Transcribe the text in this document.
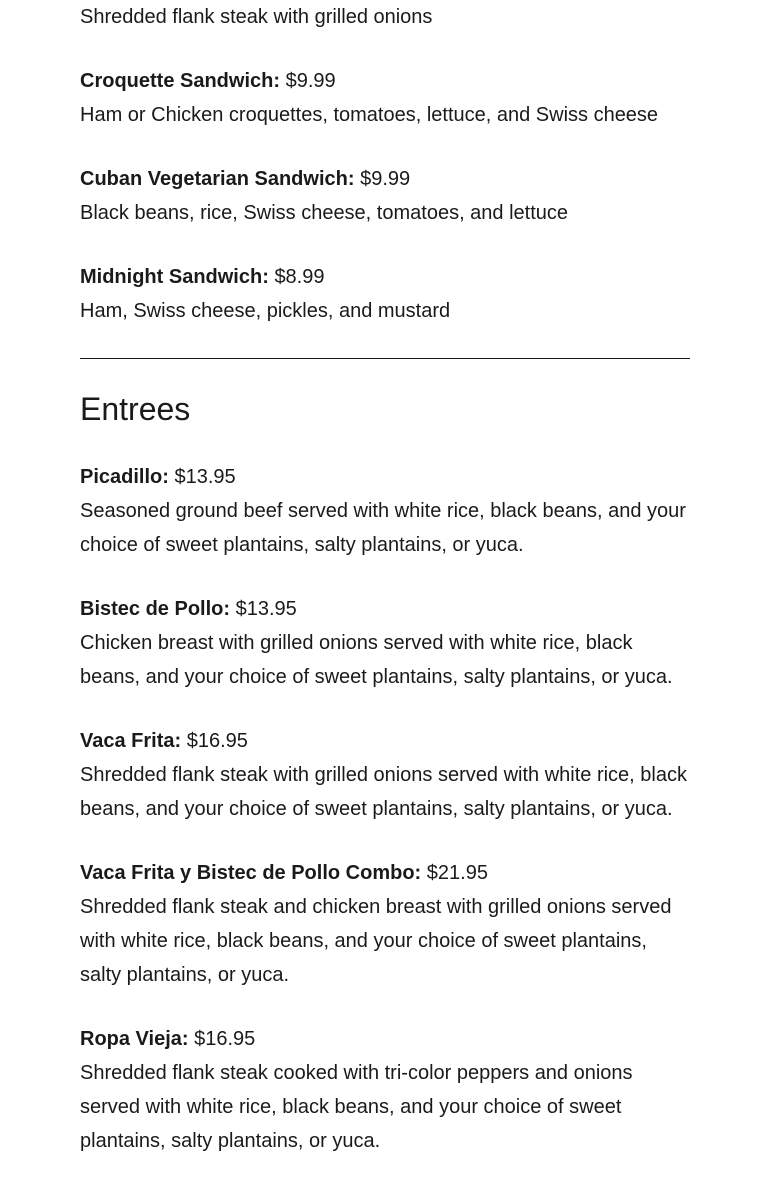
Shredded flank steak with grilled onions

Croquette Sandwich: $9.99

Ham or Chicken croquettes, tomatoes, lettuce, and Swiss cheese

Cuban Vegetarian Sandwich: $9.99

Black beans, rice, Swiss cheese, tomatoes, and lettuce

Midnight Sandwich: $8.99

Ham, Swiss cheese, pickles, and mustard

Entrees

Picadillo: $13.95

Seasoned ground beef served with white rice, black beans, and your choice of sweet plantains, salty plantains, or yuca.

Bistec de Pollo: $13.95

Chicken breast with grilled onions served with white rice, black beans, and your choice of sweet plantains, salty plantains, or yuca.

Vaca Frita: $16.95

Shredded flank steak with grilled onions served with white rice, black beans, and your choice of sweet plantains, salty plantains, or yuca.

Vaca Frita y Bistec de Pollo Combo: $21.95

Shredded flank steak and chicken breast with grilled onions served with white rice, black beans, and your choice of sweet plantains, salty plantains, or yuca.

Ropa Vieja: $16.95

Shredded flank steak cooked with tri-color peppers and onions served with white rice, black beans, and your choice of sweet plantains, salty plantains, or yuca.
